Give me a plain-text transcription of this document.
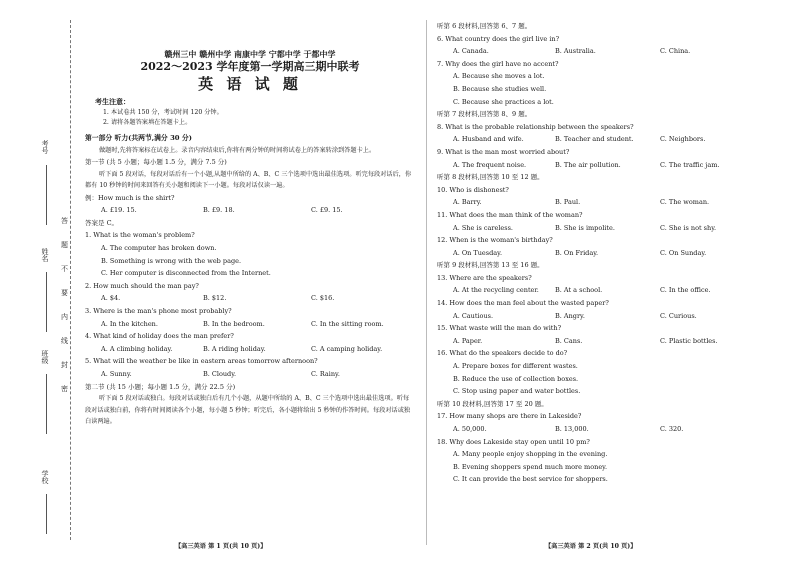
考号
姓名
班级
学校
答
题
不
要
内
线
封
密
赣州三中 赣州中学 南康中学 宁都中学 于都中学
2022～2023 学年度第一学期高三期中联考
英 语 试 题
考生注意：
1. 本试卷共 150 分，考试时间 120 分钟。
2. 请将各题答案填在答题卡上。
第一部分 听力(共两节,满分 30 分)
做题时,先将答案标在试卷上。录音内容结束后,你将有两分钟的时间将试卷上的答案转涂到答题卡上。
第一节 (共 5 小题；每小题 1.5 分，满分 7.5 分)
听下面 5 段对话，每段对话后有一个小题,从题中所给的 A、B、C 三个选项中选出最佳选项。听完每段对话后，你都有 10 秒钟的时间来回答有关小题和阅读下一小题。每段对话仅读一遍。
例：How much is the shirt?
A. £19. 15.	B. £9. 18.	C. £9. 15.
答案是 C。
1. What is the woman's problem?
A. The computer has broken down.
B. Something is wrong with the web page.
C. Her computer is disconnected from the Internet.
2. How much should the man pay?
A. $4.	B. $12.	C. $16.
3. Where is the man's phone most probably?
A. In the kitchen.	B. In the bedroom.	C. In the sitting room.
4. What kind of holiday does the man prefer?
A. A climbing holiday.	B. A riding holiday.	C. A camping holiday.
5. What will the weather be like in eastern areas tomorrow afternoon?
A. Sunny.	B. Cloudy.	C. Rainy.
第二节 (共 15 小题；每小题 1.5 分，满分 22.5 分)
听下面 5 段对话或独白。每段对话或独白后有几个小题，从题中所给的 A、B、C 三个选项中选出最佳选项。听每段对话或独白前，你将有时间阅读各个小题，每小题 5 秒钟；听完后，各小题将给出 5 秒钟的作答时间。每段对话或独白读两遍。
听第 6 段材料,回答第 6、7 题。
6. What country does the girl live in?
A. Canada.	B. Australia.	C. China.
7. Why does the girl have no accent?
A. Because she moves a lot.
B. Because she studies well.
C. Because she practices a lot.
听第 7 段材料,回答第 8、9 题。
8. What is the probable relationship between the speakers?
A. Husband and wife.	B. Teacher and student.	C. Neighbors.
9. What is the man most worried about?
A. The frequent noise.	B. The air pollution.	C. The traffic jam.
听第 8 段材料,回答第 10 至 12 题。
10. Who is dishonest?
A. Barry.	B. Paul.	C. The woman.
11. What does the man think of the woman?
A. She is careless.	B. She is impolite.	C. She is not shy.
12. When is the woman's birthday?
A. On Tuesday.	B. On Friday.	C. On Sunday.
听第 9 段材料,回答第 13 至 16 题。
13. Where are the speakers?
A. At the recycling center. B. At a school.	C. In the office.
14. How does the man feel about the wasted paper?
A. Cautious.	B. Angry.	C. Curious.
15. What waste will the man do with?
A. Paper.	B. Cans.	C. Plastic bottles.
16. What do the speakers decide to do?
A. Prepare boxes for different wastes.
B. Reduce the use of collection boxes.
C. Stop using paper and water bottles.
听第 10 段材料,回答第 17 至 20 题。
17. How many shops are there in Lakeside?
A. 50,000.	B. 13,000.	C. 320.
18. Why does Lakeside stay open until 10 pm?
A. Many people enjoy shopping in the evening.
B. Evening shoppers spend much more money.
C. It can provide the best service for shoppers.
【高三英语 第 1 页(共 10 页)】	【高三英语 第 2 页(共 10 页)】
